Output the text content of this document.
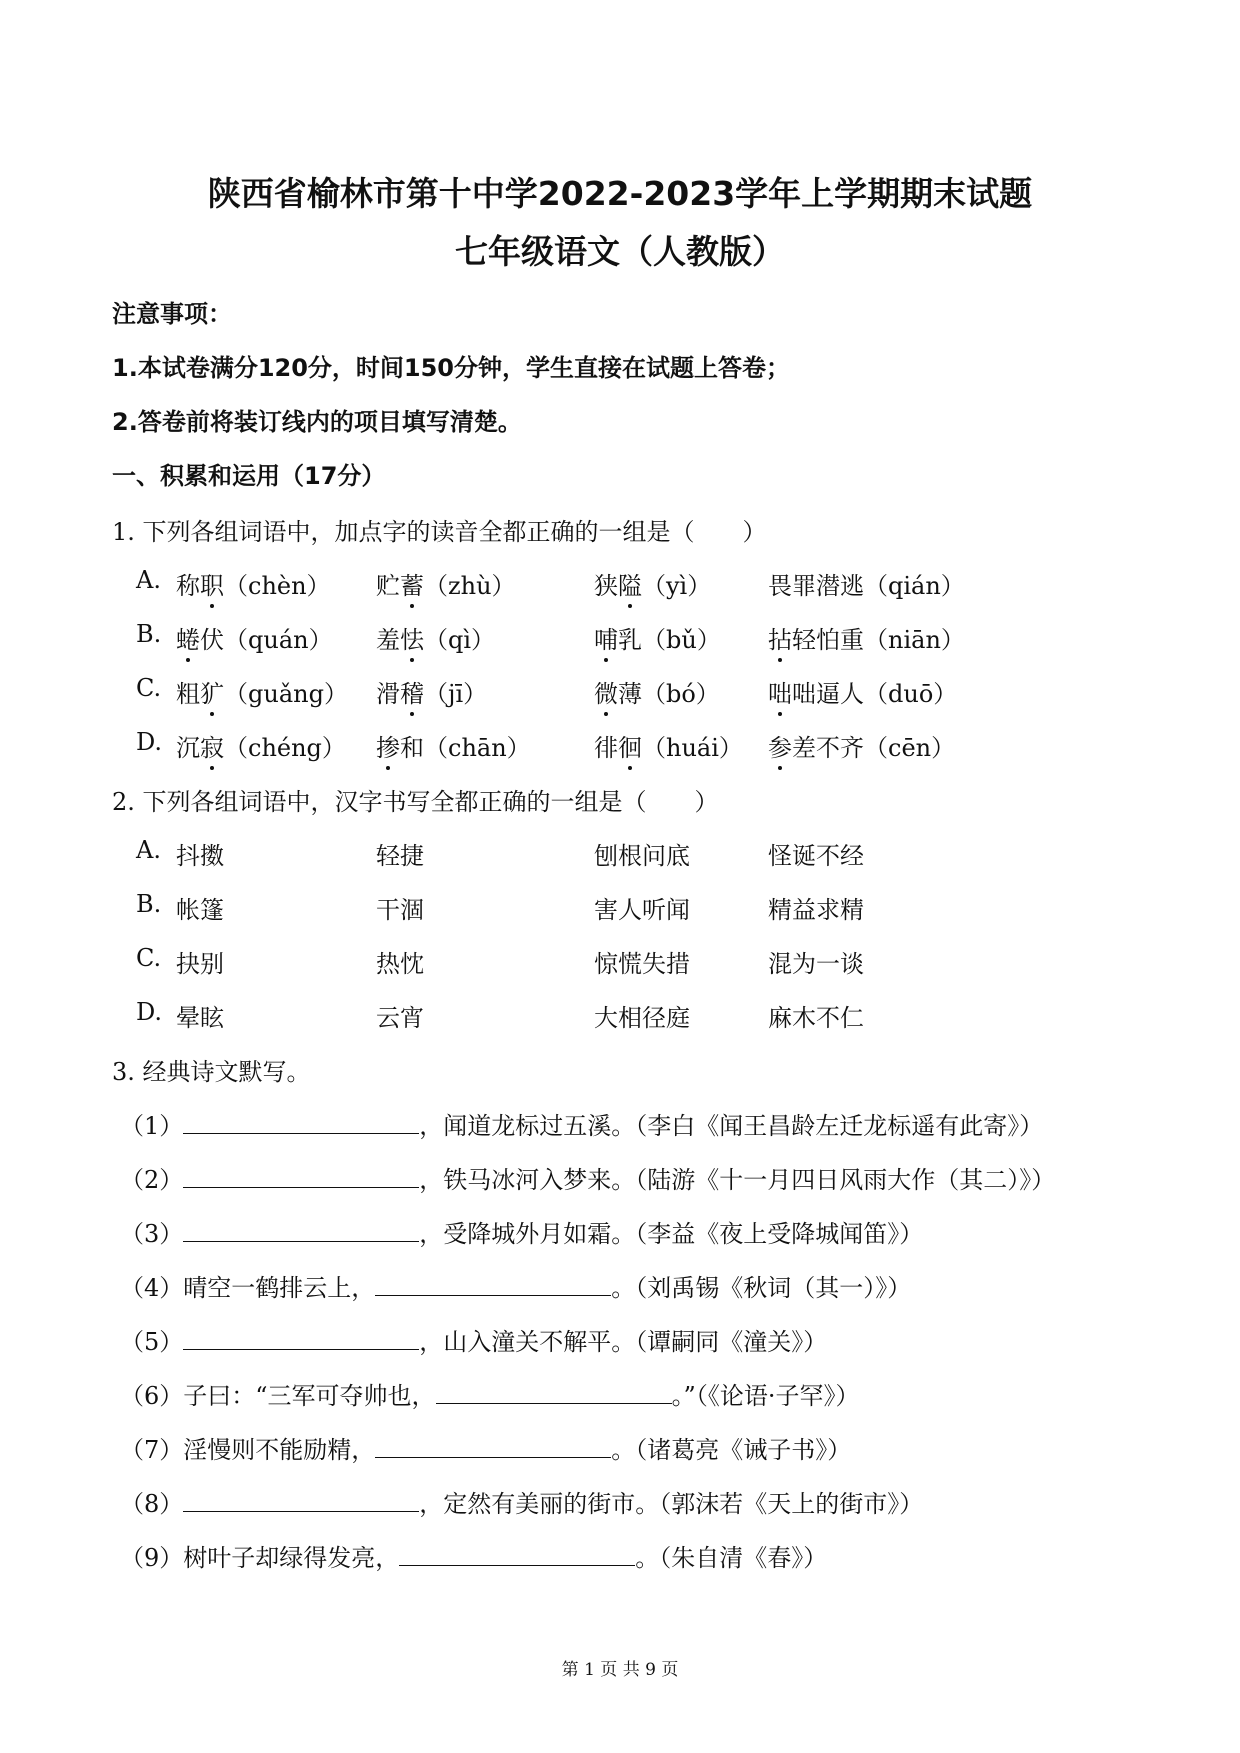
陕西省榆林市第十中学2022-2023学年上学期期末试题
七年级语文（人教版）
注意事项：
1.本试卷满分120分，时间150分钟，学生直接在试题上答卷；
2.答卷前将装订线内的项目填写清楚。
一、积累和运用（17分）
1. 下列各组词语中，加点字的读音全都正确的一组是（　　）
A. 称职（chèn） 贮蓄（zhù）	狭隘（yì） 畏罪潜逃（qián）
B. 蜷伏（quán） 羞怯（qì）	哺乳（bǔ） 拈轻怕重（niān）
C. 粗犷（guǎng） 滑稽（jī）	微薄（bó） 咄咄逼人（duō）
D. 沉寂（chéng） 掺和（chān）	徘徊（huái） 参差不齐（cēn）
2. 下列各组词语中，汉字书写全都正确的一组是（　　）
A. 抖擞	轻捷	刨根问底	怪诞不经
B. 帐篷	干涸	害人听闻	精益求精
C. 抉别	热忱	惊慌失措	混为一谈
D. 晕眩	云宵	大相径庭	麻木不仁
3. 经典诗文默写。
（1）	，闻道龙标过五溪。（李白《闻王昌龄左迁龙标遥有此寄》）
（2）	，铁马冰河入梦来。（陆游《十一月四日风雨大作（其二）》）
（3）	，受降城外月如霜。（李益《夜上受降城闻笛》）
（4）晴空一鹤排云上，	。（刘禹锡《秋词（其一）》）
（5）	，山入潼关不解平。（谭嗣同《潼关》）
（6）子曰：“三军可夺帅也，	。”（《论语·子罕》）
（7）淫慢则不能励精，	。（诸葛亮《诫子书》）
（8）	，定然有美丽的街市。（郭沫若《天上的街市》）
（9）树叶子却绿得发亮，	。（朱自清《春》）
第 1 页 共 9 页
